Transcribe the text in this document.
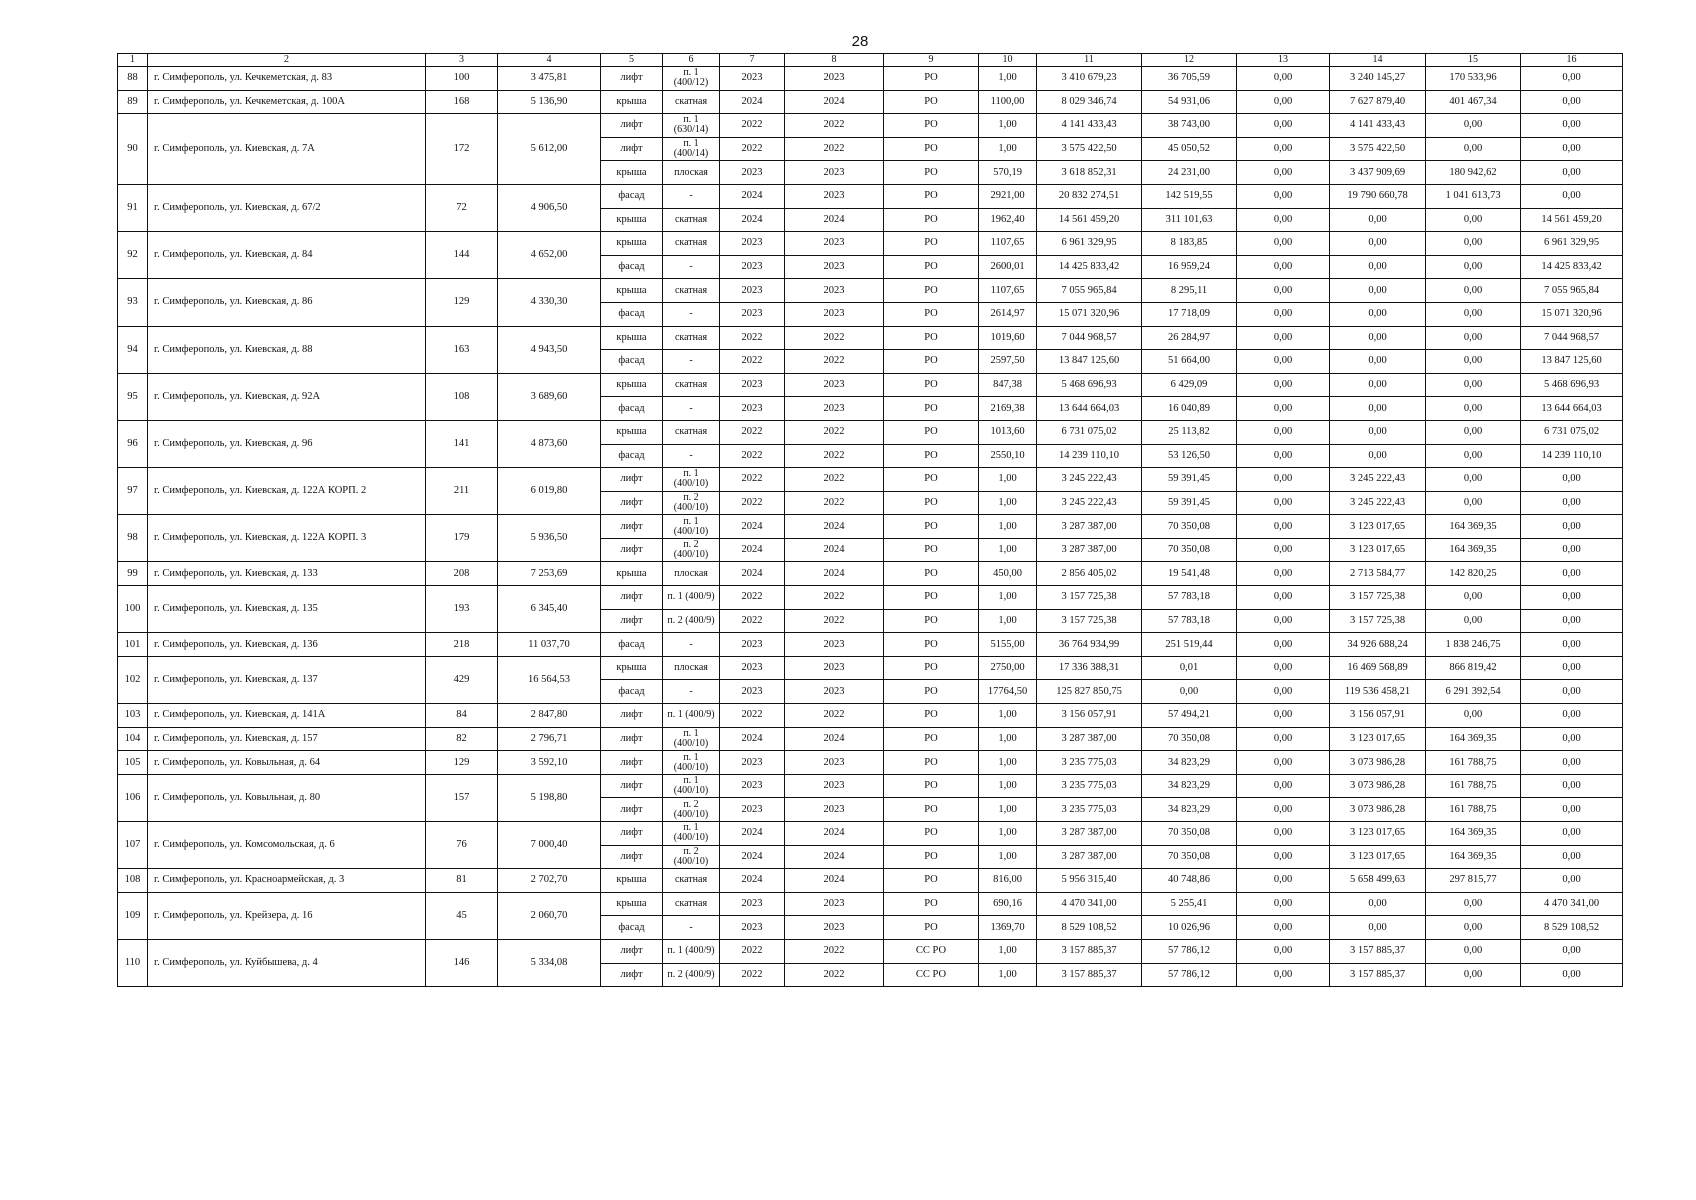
28
1	2	3	4	5	6	7	8	9	10	11	12	13	14	15	16
88	г. Симферополь, ул. Кечкеметская, д. 83	100	3 475,81	лифт	п. 1 (400/12)	2023	2023	РО	1,00	3 410 679,23	36 705,59	0,00	3 240 145,27	170 533,96	0,00
89	г. Симферополь, ул. Кечкеметская, д. 100А	168	5 136,90	крыша	скатная	2024	2024	РО	1100,00	8 029 346,74	54 931,06	0,00	7 627 879,40	401 467,34	0,00
90	г. Симферополь, ул. Киевская, д. 7А	172	5 612,00	лифт	п. 1 (630/14)	2022	2022	РО	1,00	4 141 433,43	38 743,00	0,00	4 141 433,43	0,00	0,00
				лифт	п. 1 (400/14)	2022	2022	РО	1,00	3 575 422,50	45 050,52	0,00	3 575 422,50	0,00	0,00
				крыша	плоская	2023	2023	РО	570,19	3 618 852,31	24 231,00	0,00	3 437 909,69	180 942,62	0,00
91	г. Симферополь, ул. Киевская, д. 67/2	72	4 906,50	фасад	-	2024	2023	РО	2921,00	20 832 274,51	142 519,55	0,00	19 790 660,78	1 041 613,73	0,00
				крыша	скатная	2024	2024	РО	1962,40	14 561 459,20	311 101,63	0,00	0,00	0,00	14 561 459,20
92	г. Симферополь, ул. Киевская, д. 84	144	4 652,00	крыша	скатная	2023	2023	РО	1107,65	6 961 329,95	8 183,85	0,00	0,00	0,00	6 961 329,95
				фасад	-	2023	2023	РО	2600,01	14 425 833,42	16 959,24	0,00	0,00	0,00	14 425 833,42
93	г. Симферополь, ул. Киевская, д. 86	129	4 330,30	крыша	скатная	2023	2023	РО	1107,65	7 055 965,84	8 295,11	0,00	0,00	0,00	7 055 965,84
				фасад	-	2023	2023	РО	2614,97	15 071 320,96	17 718,09	0,00	0,00	0,00	15 071 320,96
94	г. Симферополь, ул. Киевская, д. 88	163	4 943,50	крыша	скатная	2022	2022	РО	1019,60	7 044 968,57	26 284,97	0,00	0,00	0,00	7 044 968,57
				фасад	-	2022	2022	РО	2597,50	13 847 125,60	51 664,00	0,00	0,00	0,00	13 847 125,60
95	г. Симферополь, ул. Киевская, д. 92А	108	3 689,60	крыша	скатная	2023	2023	РО	847,38	5 468 696,93	6 429,09	0,00	0,00	0,00	5 468 696,93
				фасад	-	2023	2023	РО	2169,38	13 644 664,03	16 040,89	0,00	0,00	0,00	13 644 664,03
96	г. Симферополь, ул. Киевская, д. 96	141	4 873,60	крыша	скатная	2022	2022	РО	1013,60	6 731 075,02	25 113,82	0,00	0,00	0,00	6 731 075,02
				фасад	-	2022	2022	РО	2550,10	14 239 110,10	53 126,50	0,00	0,00	0,00	14 239 110,10
97	г. Симферополь, ул. Киевская, д. 122А КОРП. 2	211	6 019,80	лифт	п. 1 (400/10)	2022	2022	РО	1,00	3 245 222,43	59 391,45	0,00	3 245 222,43	0,00	0,00
				лифт	п. 2 (400/10)	2022	2022	РО	1,00	3 245 222,43	59 391,45	0,00	3 245 222,43	0,00	0,00
98	г. Симферополь, ул. Киевская, д. 122А КОРП. 3	179	5 936,50	лифт	п. 1 (400/10)	2024	2024	РО	1,00	3 287 387,00	70 350,08	0,00	3 123 017,65	164 369,35	0,00
				лифт	п. 2 (400/10)	2024	2024	РО	1,00	3 287 387,00	70 350,08	0,00	3 123 017,65	164 369,35	0,00
99	г. Симферополь, ул. Киевская, д. 133	208	7 253,69	крыша	плоская	2024	2024	РО	450,00	2 856 405,02	19 541,48	0,00	2 713 584,77	142 820,25	0,00
100	г. Симферополь, ул. Киевская, д. 135	193	6 345,40	лифт	п. 1 (400/9)	2022	2022	РО	1,00	3 157 725,38	57 783,18	0,00	3 157 725,38	0,00	0,00
				лифт	п. 2 (400/9)	2022	2022	РО	1,00	3 157 725,38	57 783,18	0,00	3 157 725,38	0,00	0,00
101	г. Симферополь, ул. Киевская, д. 136	218	11 037,70	фасад	-	2023	2023	РО	5155,00	36 764 934,99	251 519,44	0,00	34 926 688,24	1 838 246,75	0,00
102	г. Симферополь, ул. Киевская, д. 137	429	16 564,53	крыша	плоская	2023	2023	РО	2750,00	17 336 388,31	0,01	0,00	16 469 568,89	866 819,42	0,00
				фасад	-	2023	2023	РО	17764,50	125 827 850,75	0,00	0,00	119 536 458,21	6 291 392,54	0,00
103	г. Симферополь, ул. Киевская, д. 141А	84	2 847,80	лифт	п. 1 (400/9)	2022	2022	РО	1,00	3 156 057,91	57 494,21	0,00	3 156 057,91	0,00	0,00
104	г. Симферополь, ул. Киевская, д. 157	82	2 796,71	лифт	п. 1 (400/10)	2024	2024	РО	1,00	3 287 387,00	70 350,08	0,00	3 123 017,65	164 369,35	0,00
105	г. Симферополь, ул. Ковыльная, д. 64	129	3 592,10	лифт	п. 1 (400/10)	2023	2023	РО	1,00	3 235 775,03	34 823,29	0,00	3 073 986,28	161 788,75	0,00
106	г. Симферополь, ул. Ковыльная, д. 80	157	5 198,80	лифт	п. 1 (400/10)	2023	2023	РО	1,00	3 235 775,03	34 823,29	0,00	3 073 986,28	161 788,75	0,00
				лифт	п. 2 (400/10)	2023	2023	РО	1,00	3 235 775,03	34 823,29	0,00	3 073 986,28	161 788,75	0,00
107	г. Симферополь, ул. Комсомольская, д. 6	76	7 000,40	лифт	п. 1 (400/10)	2024	2024	РО	1,00	3 287 387,00	70 350,08	0,00	3 123 017,65	164 369,35	0,00
				лифт	п. 2 (400/10)	2024	2024	РО	1,00	3 287 387,00	70 350,08	0,00	3 123 017,65	164 369,35	0,00
108	г. Симферополь, ул. Красноармейская, д. 3	81	2 702,70	крыша	скатная	2024	2024	РО	816,00	5 956 315,40	40 748,86	0,00	5 658 499,63	297 815,77	0,00
109	г. Симферополь, ул. Крейзера, д. 16	45	2 060,70	крыша	скатная	2023	2023	РО	690,16	4 470 341,00	5 255,41	0,00	0,00	0,00	4 470 341,00
				фасад	-	2023	2023	РО	1369,70	8 529 108,52	10 026,96	0,00	0,00	0,00	8 529 108,52
110	г. Симферополь, ул. Куйбышева, д. 4	146	5 334,08	лифт	п. 1 (400/9)	2022	2022	СС РО	1,00	3 157 885,37	57 786,12	0,00	3 157 885,37	0,00	0,00
				лифт	п. 2 (400/9)	2022	2022	СС РО	1,00	3 157 885,37	57 786,12	0,00	3 157 885,37	0,00	0,00
